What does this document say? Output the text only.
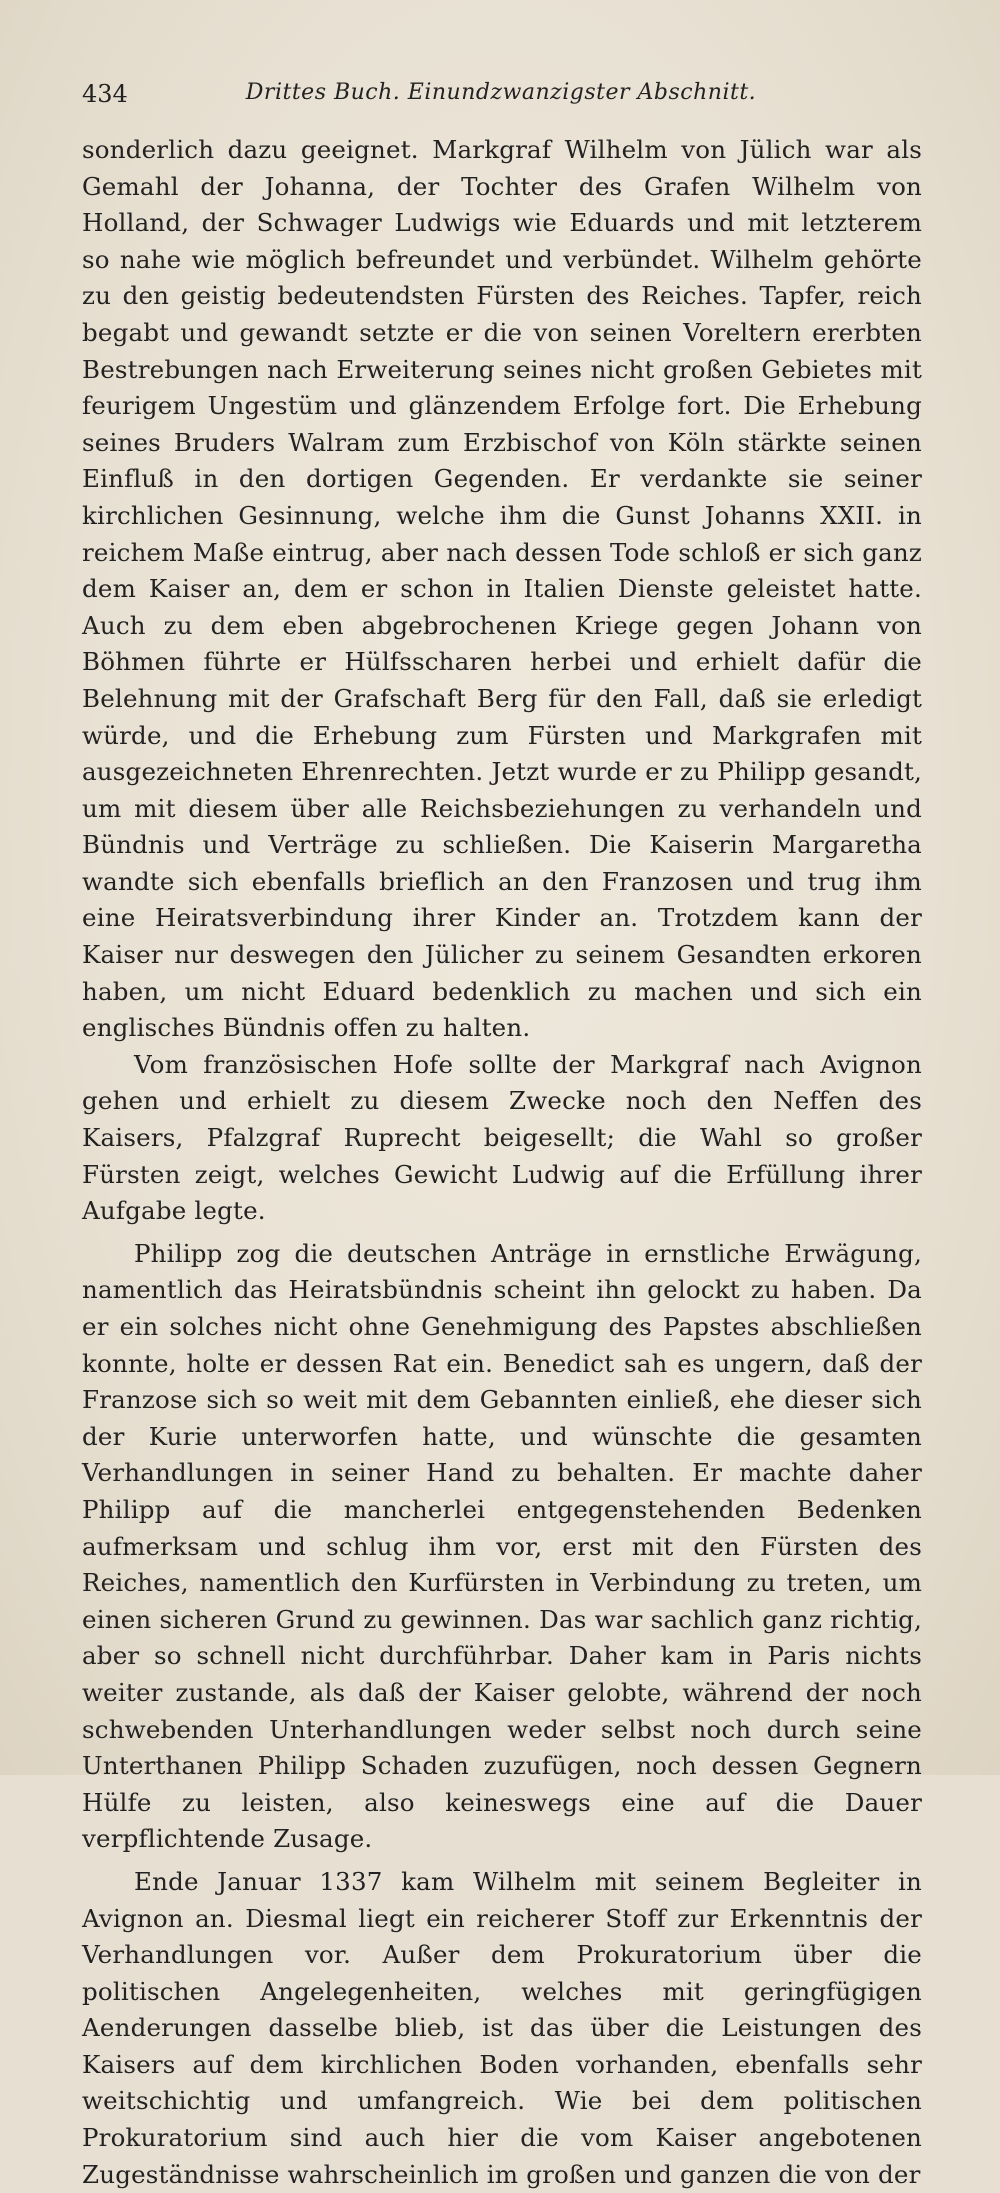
434	Drittes Buch. Einundzwanzigster Abschnitt.

sonderlich dazu geeignet. Markgraf Wilhelm von Jülich war als Gemahl der Johanna, der Tochter des Grafen Wilhelm von Holland, der Schwager Ludwigs wie Eduards und mit letzterem so nahe wie möglich befreundet und verbündet. Wilhelm gehörte zu den geistig bedeutendsten Fürsten des Reiches. Tapfer, reich begabt und gewandt setzte er die von seinen Voreltern ererbten Bestrebungen nach Erweiterung seines nicht großen Gebietes mit feurigem Ungestüm und glänzendem Erfolge fort. Die Erhebung seines Bruders Walram zum Erzbischof von Köln stärkte seinen Einfluß in den dortigen Gegenden. Er verdankte sie seiner kirchlichen Gesinnung, welche ihm die Gunst Johanns XXII. in reichem Maße eintrug, aber nach dessen Tode schloß er sich ganz dem Kaiser an, dem er schon in Italien Dienste geleistet hatte. Auch zu dem eben abgebrochenen Kriege gegen Johann von Böhmen führte er Hülfsscharen herbei und erhielt dafür die Belehnung mit der Grafschaft Berg für den Fall, daß sie erledigt würde, und die Erhebung zum Fürsten und Markgrafen mit ausgezeichneten Ehrenrechten. Jetzt wurde er zu Philipp gesandt, um mit diesem über alle Reichsbeziehungen zu verhandeln und Bündnis und Verträge zu schließen. Die Kaiserin Margaretha wandte sich ebenfalls brieflich an den Franzosen und trug ihm eine Heiratsverbindung ihrer Kinder an. Trotzdem kann der Kaiser nur deswegen den Jülicher zu seinem Gesandten erkoren haben, um nicht Eduard bedenklich zu machen und sich ein englisches Bündnis offen zu halten.

Vom französischen Hofe sollte der Markgraf nach Avignon gehen und erhielt zu diesem Zwecke noch den Neffen des Kaisers, Pfalzgraf Ruprecht beigesellt; die Wahl so großer Fürsten zeigt, welches Gewicht Ludwig auf die Erfüllung ihrer Aufgabe legte.

Philipp zog die deutschen Anträge in ernstliche Erwägung, namentlich das Heiratsbündnis scheint ihn gelockt zu haben. Da er ein solches nicht ohne Genehmigung des Papstes abschließen konnte, holte er dessen Rat ein. Benedict sah es ungern, daß der Franzose sich so weit mit dem Gebannten einließ, ehe dieser sich der Kurie unterworfen hatte, und wünschte die gesamten Verhandlungen in seiner Hand zu behalten. Er machte daher Philipp auf die mancherlei entgegenstehenden Bedenken aufmerksam und schlug ihm vor, erst mit den Fürsten des Reiches, namentlich den Kurfürsten in Verbindung zu treten, um einen sicheren Grund zu gewinnen. Das war sachlich ganz richtig, aber so schnell nicht durchführbar. Daher kam in Paris nichts weiter zustande, als daß der Kaiser gelobte, während der noch schwebenden Unterhandlungen weder selbst noch durch seine Unterthanen Philipp Schaden zuzufügen, noch dessen Gegnern Hülfe zu leisten, also keineswegs eine auf die Dauer verpflichtende Zusage.

Ende Januar 1337 kam Wilhelm mit seinem Begleiter in Avignon an. Diesmal liegt ein reicherer Stoff zur Erkenntnis der Verhandlungen vor. Außer dem Prokuratorium über die politischen Angelegenheiten, welches mit geringfügigen Aenderungen dasselbe blieb, ist das über die Leistungen des Kaisers auf dem kirchlichen Boden vorhanden, ebenfalls sehr weitschichtig und umfangreich. Wie bei dem politischen Prokuratorium sind auch hier die vom Kaiser angebotenen Zugeständnisse wahrscheinlich im großen und ganzen die von der
